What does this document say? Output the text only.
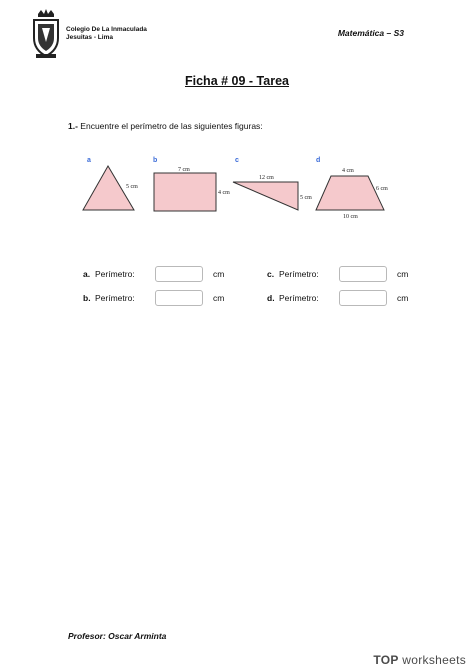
Colegio De La Inmaculada
Jesuitas - Lima	Matemática – S3
Ficha # 09 - Tarea
1.- Encuentre el perímetro de las siguientes figuras:
a
5 cm
b
7 cm
4 cm
c
12 cm
5 cm
d
4 cm
6 cm
10 cm
a. Perímetro:	cm
b. Perímetro:	cm
c. Perímetro:	cm
d. Perímetro:	cm
Profesor: Oscar Arminta
TOP worksheets
